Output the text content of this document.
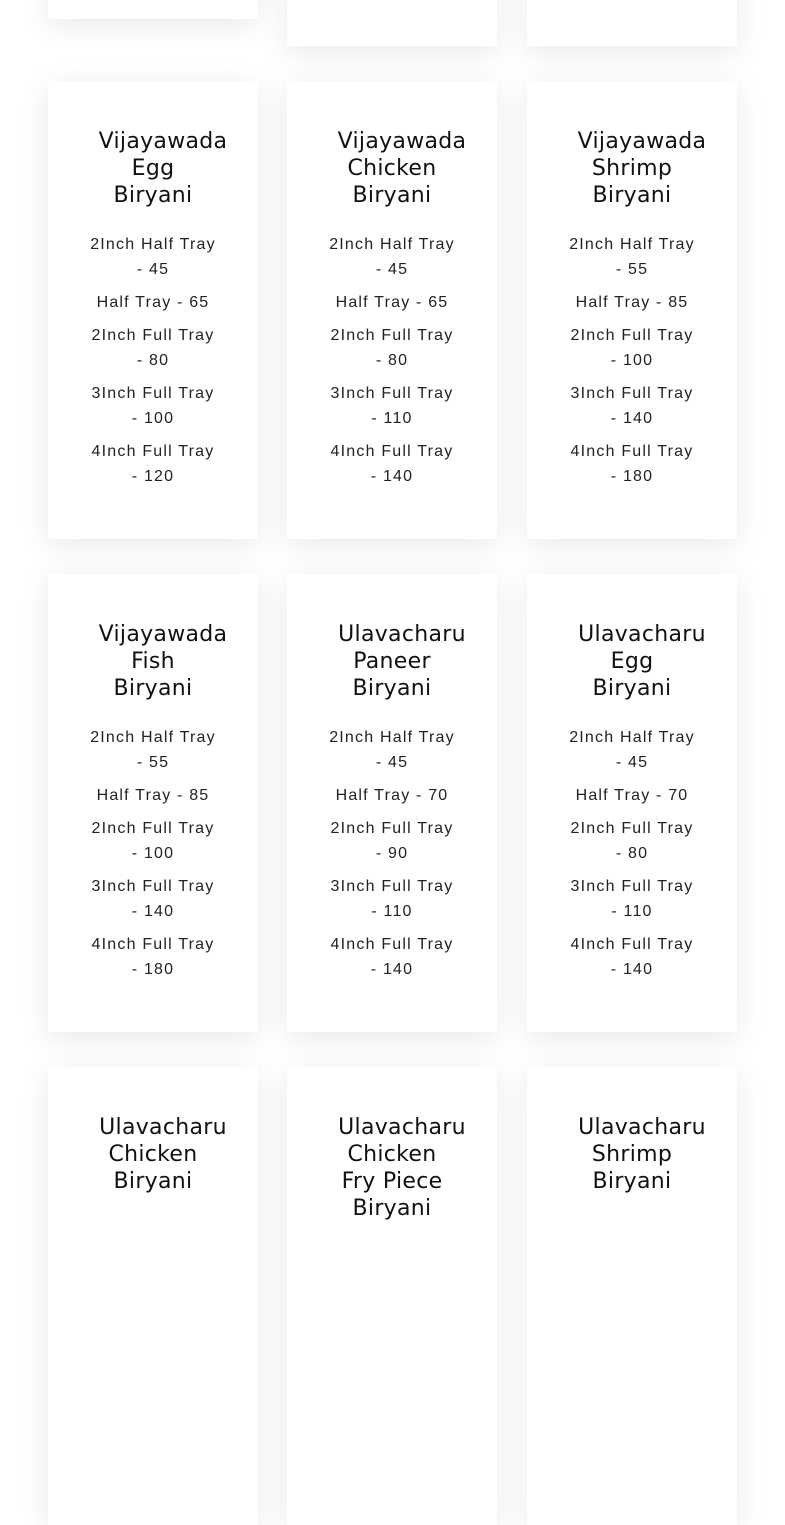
Vijayawada
Egg
Biryani
2Inch Half Tray - 45
Half Tray - 65
2Inch Full Tray - 80
3Inch Full Tray - 100
4Inch Full Tray - 120
Vijayawada
Chicken
Biryani
2Inch Half Tray - 45
Half Tray - 65
2Inch Full Tray - 80
3Inch Full Tray - 110
4Inch Full Tray - 140
Vijayawada
Shrimp
Biryani
2Inch Half Tray - 55
Half Tray - 85
2Inch Full Tray - 100
3Inch Full Tray - 140
4Inch Full Tray - 180
Vijayawada
Fish
Biryani
2Inch Half Tray - 55
Half Tray - 85
2Inch Full Tray - 100
3Inch Full Tray - 140
4Inch Full Tray - 180
Ulavacharu
Paneer
Biryani
2Inch Half Tray - 45
Half Tray - 70
2Inch Full Tray - 90
3Inch Full Tray - 110
4Inch Full Tray - 140
Ulavacharu
Egg
Biryani
2Inch Half Tray - 45
Half Tray - 70
2Inch Full Tray - 80
3Inch Full Tray - 110
4Inch Full Tray - 140
Ulavacharu
Chicken
Biryani
Ulavacharu
Chicken
Fry Piece
Biryani
Ulavacharu
Shrimp
Biryani
